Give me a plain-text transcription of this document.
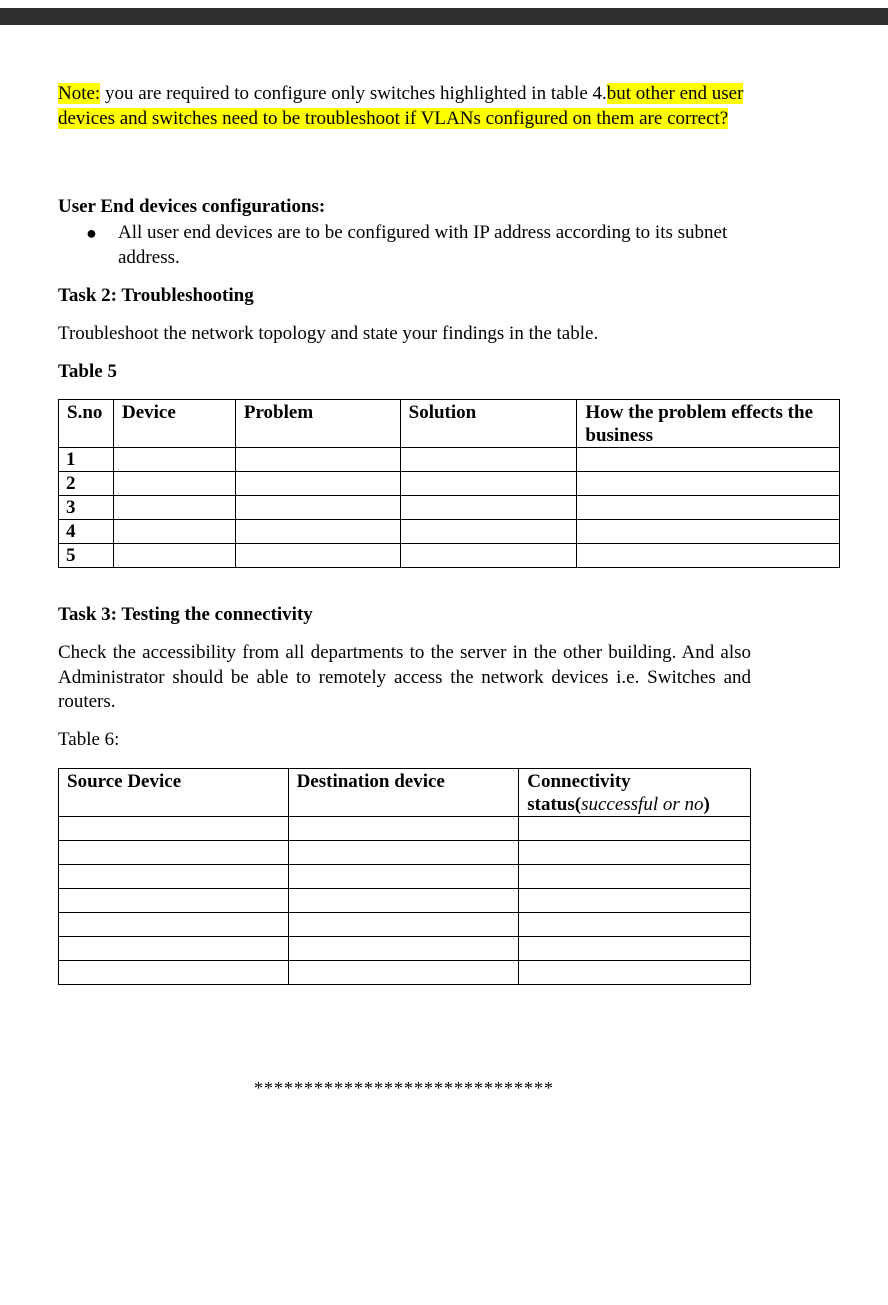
Note: you are required to configure only switches highlighted in table 4.but other end user devices and switches need to be troubleshoot if VLANs configured on them are correct?
User End devices configurations:
● All user end devices are to be configured with IP address according to its subnet address.
Task 2: Troubleshooting
Troubleshoot the network topology and state your findings in the table.
Table 5
S.no	Device	Problem	Solution	How the problem effects the business
1				
2				
3				
4				
5				
Task 3: Testing the connectivity
Check the accessibility from all departments to the server in the other building. And also Administrator should be able to remotely access the network devices i.e. Switches and routers.
Table 6:
Source Device	Destination device	Connectivity status(successful or no)

******************************
